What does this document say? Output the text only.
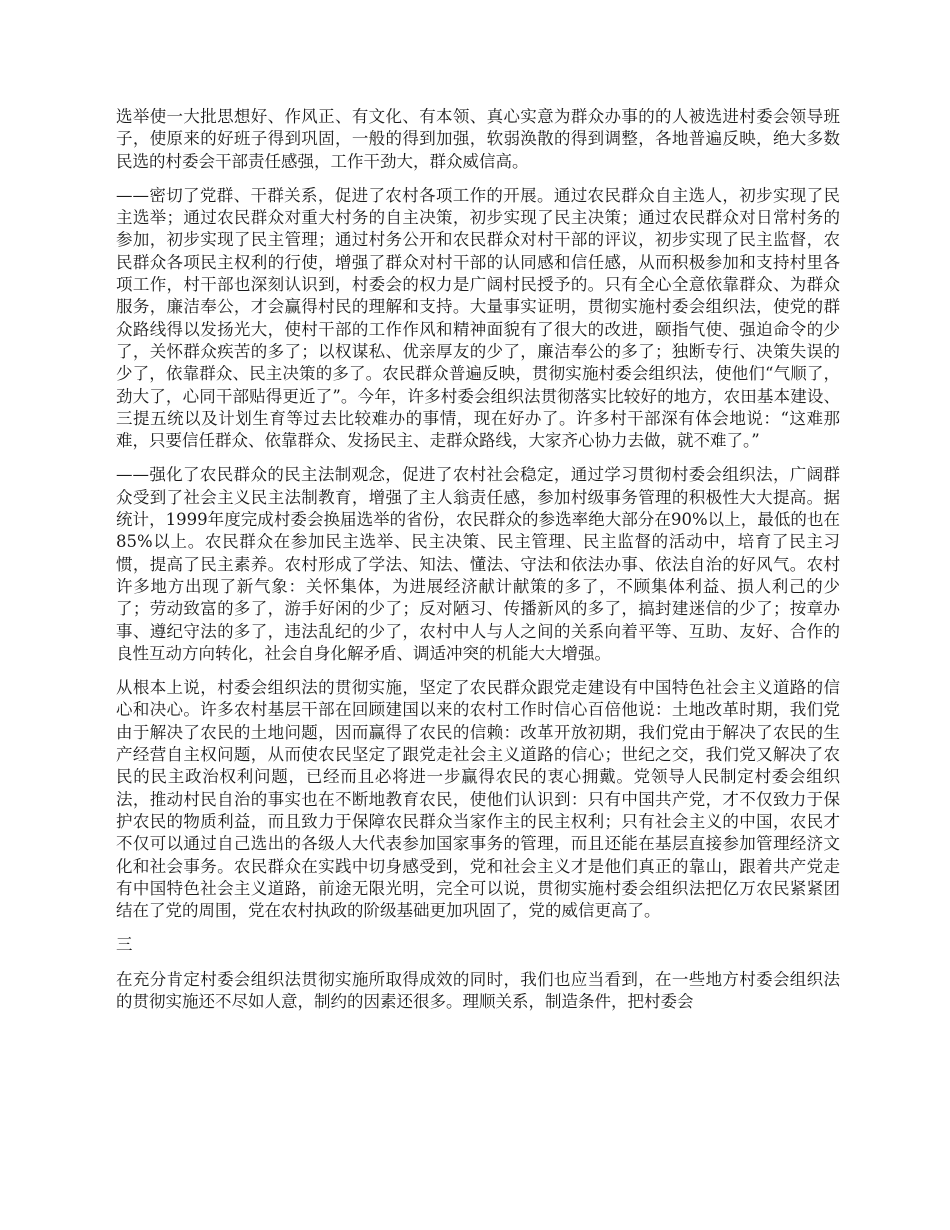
选举使一大批思想好、作风正、有文化、有本领、真心实意为群众办事的的人被选进村委会领导班子，使原来的好班子得到巩固，一般的得到加强，软弱涣散的得到调整，各地普遍反映，绝大多数民选的村委会干部责任感强，工作干劲大，群众威信高。

——密切了党群、干群关系，促进了农村各项工作的开展。通过农民群众自主选人，初步实现了民主选举；通过农民群众对重大村务的自主决策，初步实现了民主决策；通过农民群众对日常村务的参加，初步实现了民主管理；通过村务公开和农民群众对村干部的评议，初步实现了民主监督，农民群众各项民主权利的行使，增强了群众对村干部的认同感和信任感，从而积极参加和支持村里各项工作，村干部也深刻认识到，村委会的权力是广阔村民授予的。只有全心全意依靠群众、为群众服务，廉洁奉公，才会赢得村民的理解和支持。大量事实证明，贯彻实施村委会组织法，使党的群众路线得以发扬光大，使村干部的工作作风和精神面貌有了很大的改进，颐指气使、强迫命令的少了，关怀群众疾苦的多了；以权谋私、优亲厚友的少了，廉洁奉公的多了；独断专行、决策失误的少了，依靠群众、民主决策的多了。农民群众普遍反映，贯彻实施村委会组织法，使他们“气顺了，劲大了，心同干部贴得更近了”。今年，许多村委会组织法贯彻落实比较好的地方，农田基本建设、三提五统以及计划生育等过去比较难办的事情，现在好办了。许多村干部深有体会地说：“这难那难，只要信任群众、依靠群众、发扬民主、走群众路线，大家齐心协力去做，就不难了。”

——强化了农民群众的民主法制观念，促进了农村社会稳定，通过学习贯彻村委会组织法，广阔群众受到了社会主义民主法制教育，增强了主人翁责任感，参加村级事务管理的积极性大大提高。据统计，1999年度完成村委会换届选举的省份，农民群众的参选率绝大部分在90%以上，最低的也在85%以上。农民群众在参加民主选举、民主决策、民主管理、民主监督的活动中，培育了民主习惯，提高了民主素养。农村形成了学法、知法、懂法、守法和依法办事、依法自治的好风气。农村许多地方出现了新气象：关怀集体，为进展经济献计献策的多了，不顾集体利益、损人利己的少了；劳动致富的多了，游手好闲的少了；反对陋习、传播新风的多了，搞封建迷信的少了；按章办事、遵纪守法的多了，违法乱纪的少了，农村中人与人之间的关系向着平等、互助、友好、合作的良性互动方向转化，社会自身化解矛盾、调适冲突的机能大大增强。

从根本上说，村委会组织法的贯彻实施，坚定了农民群众跟党走建设有中国特色社会主义道路的信心和决心。许多农村基层干部在回顾建国以来的农村工作时信心百倍他说：土地改革时期，我们党由于解决了农民的土地问题，因而赢得了农民的信赖：改革开放初期，我们党由于解决了农民的生产经营自主权问题，从而使农民坚定了跟党走社会主义道路的信心；世纪之交，我们党又解决了农民的民主政治权利问题，已经而且必将进一步赢得农民的衷心拥戴。党领导人民制定村委会组织法，推动村民自治的事实也在不断地教育农民，使他们认识到：只有中国共产党，才不仅致力于保护农民的物质利益，而且致力于保障农民群众当家作主的民主权利；只有社会主义的中国，农民才不仅可以通过自己选出的各级人大代表参加国家事务的管理，而且还能在基层直接参加管理经济文化和社会事务。农民群众在实践中切身感受到，党和社会主义才是他们真正的靠山，跟着共产党走有中国特色社会主义道路，前途无限光明，完全可以说，贯彻实施村委会组织法把亿万农民紧紧团结在了党的周围，党在农村执政的阶级基础更加巩固了，党的威信更高了。

三

在充分肯定村委会组织法贯彻实施所取得成效的同时，我们也应当看到，在一些地方村委会组织法的贯彻实施还不尽如人意，制约的因素还很多。理顺关系，制造条件，把村委会
